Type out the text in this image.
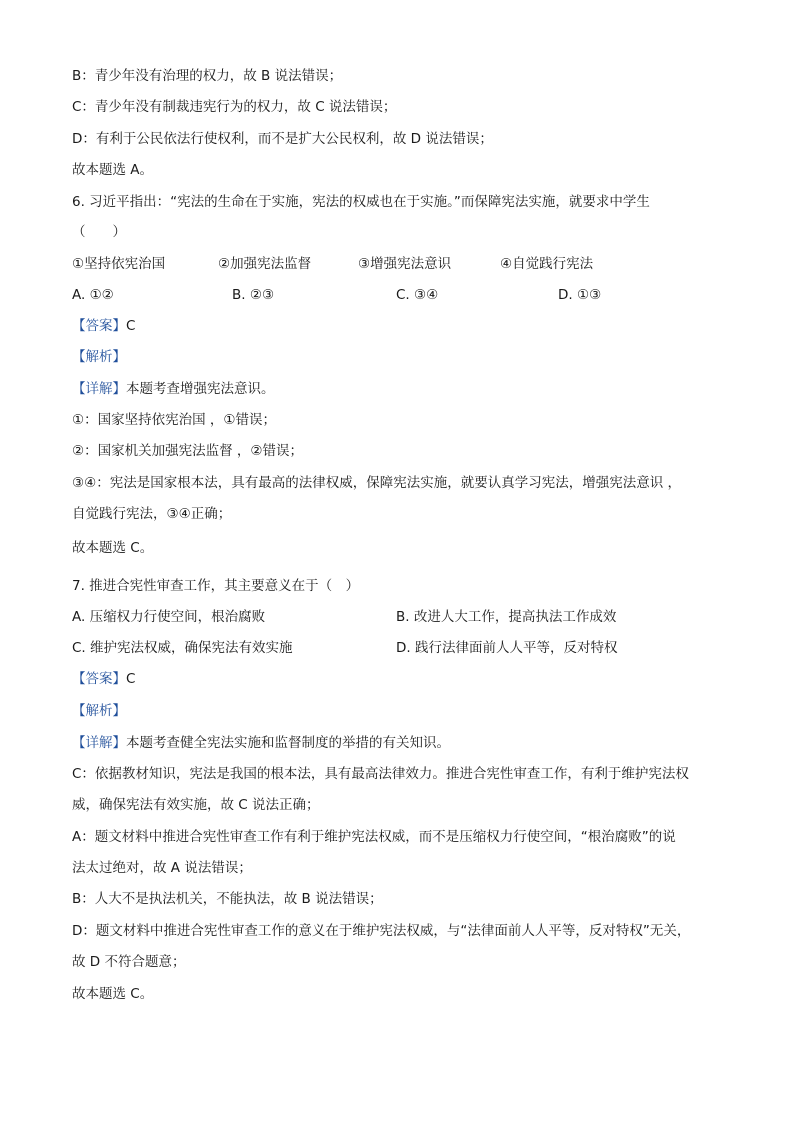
B：青少年没有治理的权力，故 B 说法错误；
C：青少年没有制裁违宪行为的权力，故 C 说法错误；
D：有利于公民依法行使权利，而不是扩大公民权利，故 D 说法错误；
故本题选 A。
6. 习近平指出：“宪法的生命在于实施，宪法的权威也在于实施。”而保障宪法实施，就要求中学生
（　　）
①坚持依宪治国	②加强宪法监督	③增强宪法意识	④自觉践行宪法
A. ①②	B. ②③	C. ③④	D. ①③
【答案】C
【解析】
【详解】本题考查增强宪法意识。
①：国家坚持依宪治国 ，①错误；
②：国家机关加强宪法监督 ，②错误；
③④：宪法是国家根本法，具有最高的法律权威，保障宪法实施，就要认真学习宪法，增强宪法意识 ，
自觉践行宪法，③④正确；
故本题选 C。
7. 推进合宪性审查工作，其主要意义在于（　）
A. 压缩权力行使空间，根治腐败	B. 改进人大工作，提高执法工作成效
C. 维护宪法权威，确保宪法有效实施	D. 践行法律面前人人平等，反对特权
【答案】C
【解析】
【详解】本题考查健全宪法实施和监督制度的举措的有关知识。
C：依据教材知识，宪法是我国的根本法，具有最高法律效力。推进合宪性审查工作，有利于维护宪法权
威，确保宪法有效实施，故 C 说法正确；
A：题文材料中推进合宪性审查工作有利于维护宪法权威，而不是压缩权力行使空间，“根治腐败”的说
法太过绝对，故 A 说法错误；
B：人大不是执法机关，不能执法，故 B 说法错误；
D：题文材料中推进合宪性审查工作的意义在于维护宪法权威，与“法律面前人人平等，反对特权”无关，
故 D 不符合题意；
故本题选 C。
